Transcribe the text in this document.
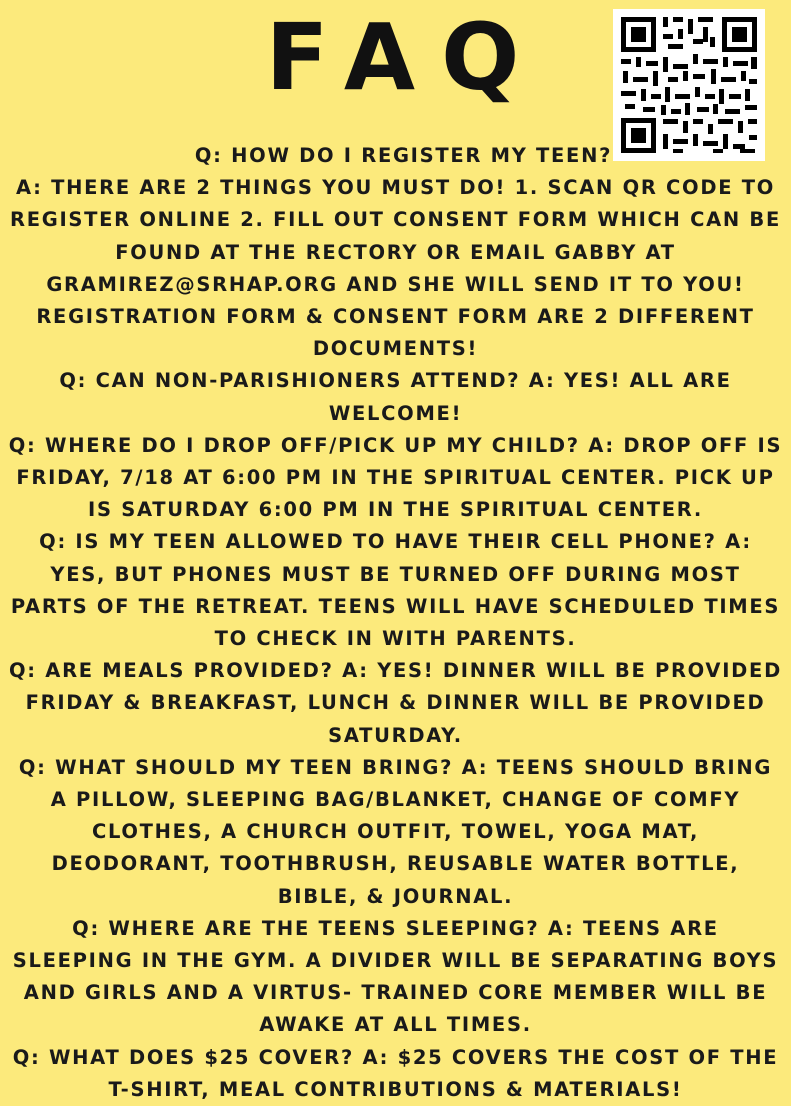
FAQ

Q: HOW DO I REGISTER MY TEEN?

A: THERE ARE 2 THINGS YOU MUST DO! 1. SCAN QR CODE TO REGISTER ONLINE 2. FILL OUT CONSENT FORM WHICH CAN BE FOUND AT THE RECTORY OR EMAIL GABBY AT GRAMIREZ@SRHAP.ORG AND SHE WILL SEND IT TO YOU! REGISTRATION FORM & CONSENT FORM ARE 2 DIFFERENT DOCUMENTS!

Q: CAN NON-PARISHIONERS ATTEND? A: YES! ALL ARE WELCOME!

Q: WHERE DO I DROP OFF/PICK UP MY CHILD? A: DROP OFF IS FRIDAY, 7/18 AT 6:00 PM IN THE SPIRITUAL CENTER. PICK UP IS SATURDAY 6:00 PM IN THE SPIRITUAL CENTER.

Q: IS MY TEEN ALLOWED TO HAVE THEIR CELL PHONE? A: YES, BUT PHONES MUST BE TURNED OFF DURING MOST PARTS OF THE RETREAT. TEENS WILL HAVE SCHEDULED TIMES TO CHECK IN WITH PARENTS.

Q: ARE MEALS PROVIDED? A: YES! DINNER WILL BE PROVIDED FRIDAY & BREAKFAST, LUNCH & DINNER WILL BE PROVIDED SATURDAY.

Q: WHAT SHOULD MY TEEN BRING? A: TEENS SHOULD BRING A PILLOW, SLEEPING BAG/BLANKET, CHANGE OF COMFY CLOTHES, A CHURCH OUTFIT, TOWEL, YOGA MAT, DEODORANT, TOOTHBRUSH, REUSABLE WATER BOTTLE, BIBLE, & JOURNAL.

Q: WHERE ARE THE TEENS SLEEPING? A: TEENS ARE SLEEPING IN THE GYM. A DIVIDER WILL BE SEPARATING BOYS AND GIRLS AND A VIRTUS- TRAINED CORE MEMBER WILL BE AWAKE AT ALL TIMES.

Q: WHAT DOES $25 COVER? A: $25 COVERS THE COST OF THE T-SHIRT, MEAL CONTRIBUTIONS & MATERIALS!
